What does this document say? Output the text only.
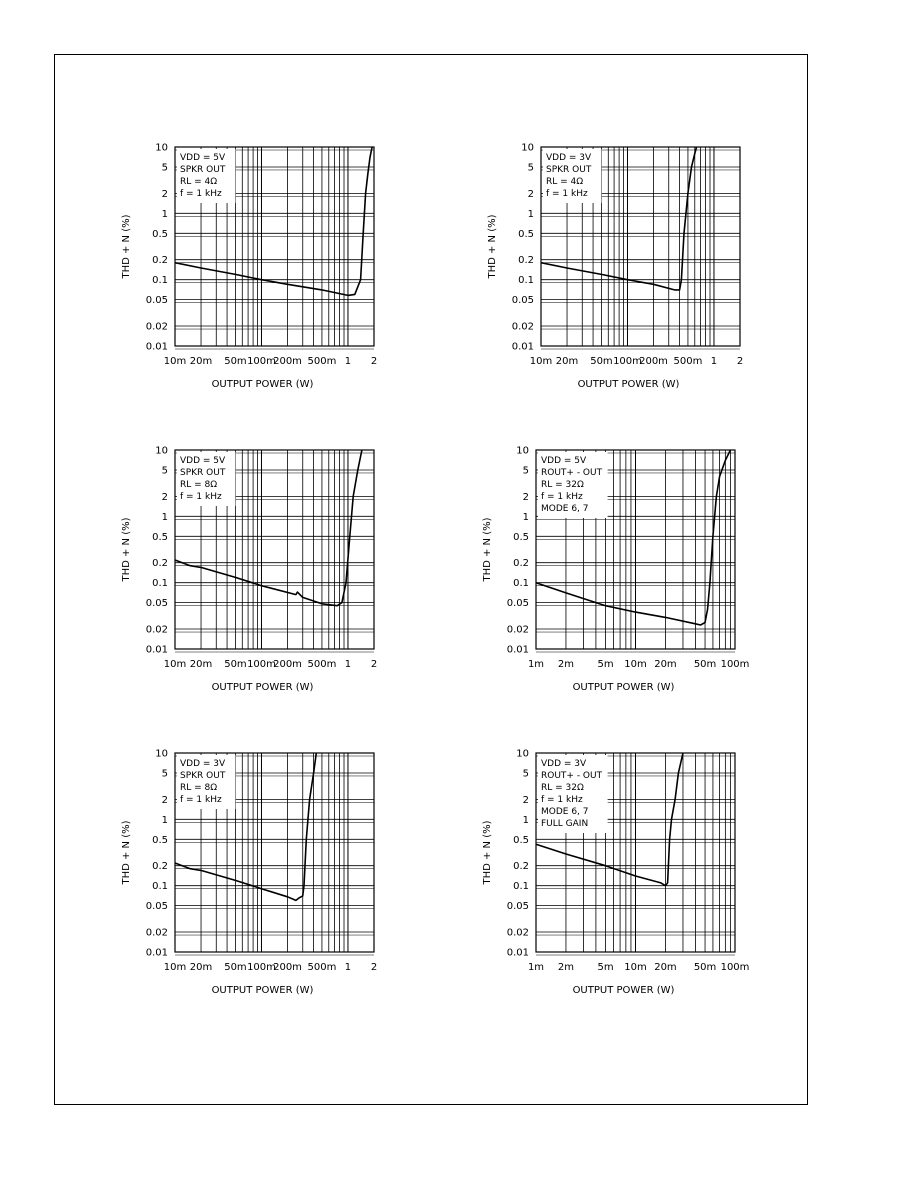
VDD = 5V
SPKR OUT
RL = 4Ω
f = 1 kHz
0.01
0.02
0.05
0.1
0.2
0.5
1
2
5
10
10m 20m 50m 100m
200m 500m 1 2
OUTPUT POWER (W)
THD + N (%)
VDD = 3V
SPKR OUT
RL = 4Ω
f = 1 kHz
0.01
0.02
0.05
0.1
0.2
0.5
1
2
5
10
10m 20m 50m 100m
200m 500m 1 2
OUTPUT POWER (W)
THD + N (%)
VDD = 5V
SPKR OUT
RL = 8Ω
f = 1 kHz
0.01
0.02
0.05
0.1
0.2
0.5
1
2
5
10
10m 20m 50m 100m
200m 500m 1 2
OUTPUT POWER (W)
THD + N (%)
VDD = 5V
ROUT+ - OUT
RL = 32Ω
f = 1 kHz
MODE 6, 7
0.01
0.02
0.05
0.1
0.2
0.5
1
2
5
10
1m 2m 5m 10m 20m 50m 100m
OUTPUT POWER (W)
THD + N (%)
VDD = 3V
SPKR OUT
RL = 8Ω
f = 1 kHz
0.01
0.02
0.05
0.1
0.2
0.5
1
2
5
10
10m 20m 50m 100m
200m 500m 1 2
OUTPUT POWER (W)
THD + N (%)
VDD = 3V
ROUT+ - OUT
RL = 32Ω
f = 1 kHz
MODE 6, 7
FULL GAIN
0.01
0.02
0.05
0.1
0.2
0.5
1
2
5
10
1m 2m 5m 10m 20m 50m 100m
OUTPUT POWER (W)
THD + N (%)
